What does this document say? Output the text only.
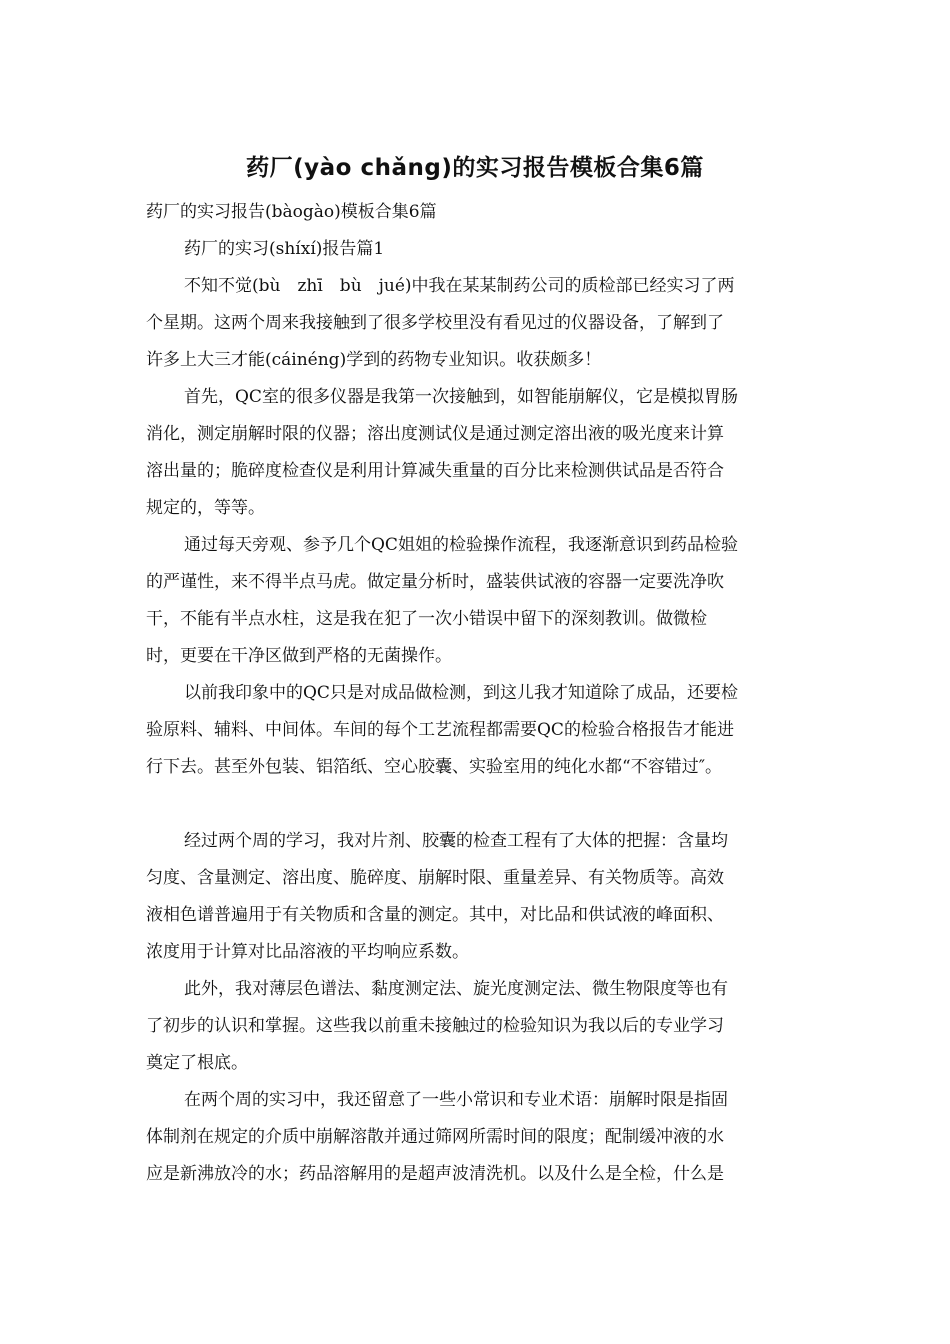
药厂(yào chǎng)的实习报告模板合集6篇

药厂的实习报告(bàogào)模板合集6篇

药厂的实习(shíxí)报告篇1

不知不觉(bù　zhī　bù　jué)中我在某某制药公司的质检部已经实习了两

个星期。这两个周来我接触到了很多学校里没有看见过的仪器设备，了解到了

许多上大三才能(cáinéng)学到的药物专业知识。收获颇多！

首先，QC室的很多仪器是我第一次接触到，如智能崩解仪，它是模拟胃肠

消化，测定崩解时限的仪器；溶出度测试仪是通过测定溶出液的吸光度来计算

溶出量的；脆碎度检查仪是利用计算减失重量的百分比来检测供试品是否符合

规定的，等等。

通过每天旁观、参予几个QC姐姐的检验操作流程，我逐渐意识到药品检验

的严谨性，来不得半点马虎。做定量分析时，盛装供试液的容器一定要洗净吹

干，不能有半点水柱，这是我在犯了一次小错误中留下的深刻教训。做微检

时，更要在干净区做到严格的无菌操作。

以前我印象中的QC只是对成品做检测，到这儿我才知道除了成品，还要检

验原料、辅料、中间体。车间的每个工艺流程都需要QC的检验合格报告才能进

行下去。甚至外包装、铝箔纸、空心胶囊、实验室用的纯化水都“不容错过″。

经过两个周的学习，我对片剂、胶囊的检查工程有了大体的把握：含量均

匀度、含量测定、溶出度、脆碎度、崩解时限、重量差异、有关物质等。高效

液相色谱普遍用于有关物质和含量的测定。其中，对比品和供试液的峰面积、

浓度用于计算对比品溶液的平均响应系数。

此外，我对薄层色谱法、黏度测定法、旋光度测定法、微生物限度等也有

了初步的认识和掌握。这些我以前重未接触过的检验知识为我以后的专业学习

奠定了根底。

在两个周的实习中，我还留意了一些小常识和专业术语：崩解时限是指固

体制剂在规定的介质中崩解溶散并通过筛网所需时间的限度；配制缓冲液的水

应是新沸放冷的水；药品溶解用的是超声波清洗机。以及什么是全检，什么是
